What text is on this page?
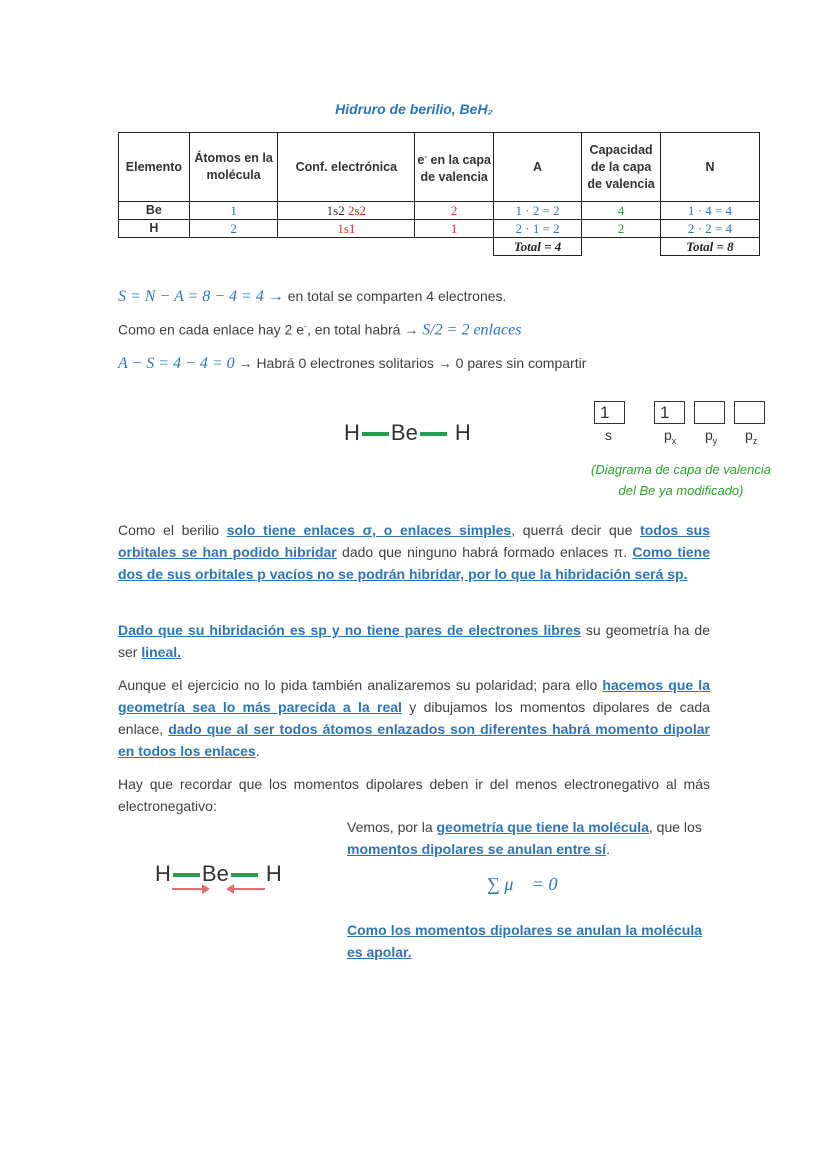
Hidruro de berilio, BeH₂
Elemento	Átomos en la molécula	Conf. electrónica	e- en la capa de valencia	A	Capacidad de la capa de valencia	N
Be	1	1s2 2s2	2	1 · 2 = 2	4	1 · 4 = 4
H	2	1s1	1	2 · 1 = 2	2	2 · 2 = 4
				Total = 4		Total = 8
S = N − A = 8 − 4 = 4 → en total se comparten 4 electrones.
Como en cada enlace hay 2 e-, en total habrá → S/2 = 2 enlaces
A − S = 4 − 4 = 0 → Habrá 0 electrones solitarios → 0 pares sin compartir
H Be H
1	1
s	$p_x$ $p_y$ $p_z$
(Diagrama de capa de valencia
del Be ya modificado)
Como el berilio solo tiene enlaces σ, o enlaces simples, querrá decir que todos sus orbitales se han podido hibridar dado que ninguno habrá formado enlaces π. Como tiene dos de sus orbitales p vacíos no se podrán hibridar, por lo que la hibridación será sp.
Dado que su hibridación es sp y no tiene pares de electrones libres su geometría ha de ser lineal.
Aunque el ejercicio no lo pida también analizaremos su polaridad; para ello hacemos que la geometría sea lo más parecida a la real y dibujamos los momentos dipolares de cada enlace, dado que al ser todos átomos enlazados son diferentes habrá momento dipolar en todos los enlaces.
Hay que recordar que los momentos dipolares deben ir del menos electronegativo al más electronegativo:
H Be H
Vemos, por la geometría que tiene la molécula, que los momentos dipolares se anulan entre sí.
∑ μ⃗ = 0
Como los momentos dipolares se anulan la molécula es apolar.
